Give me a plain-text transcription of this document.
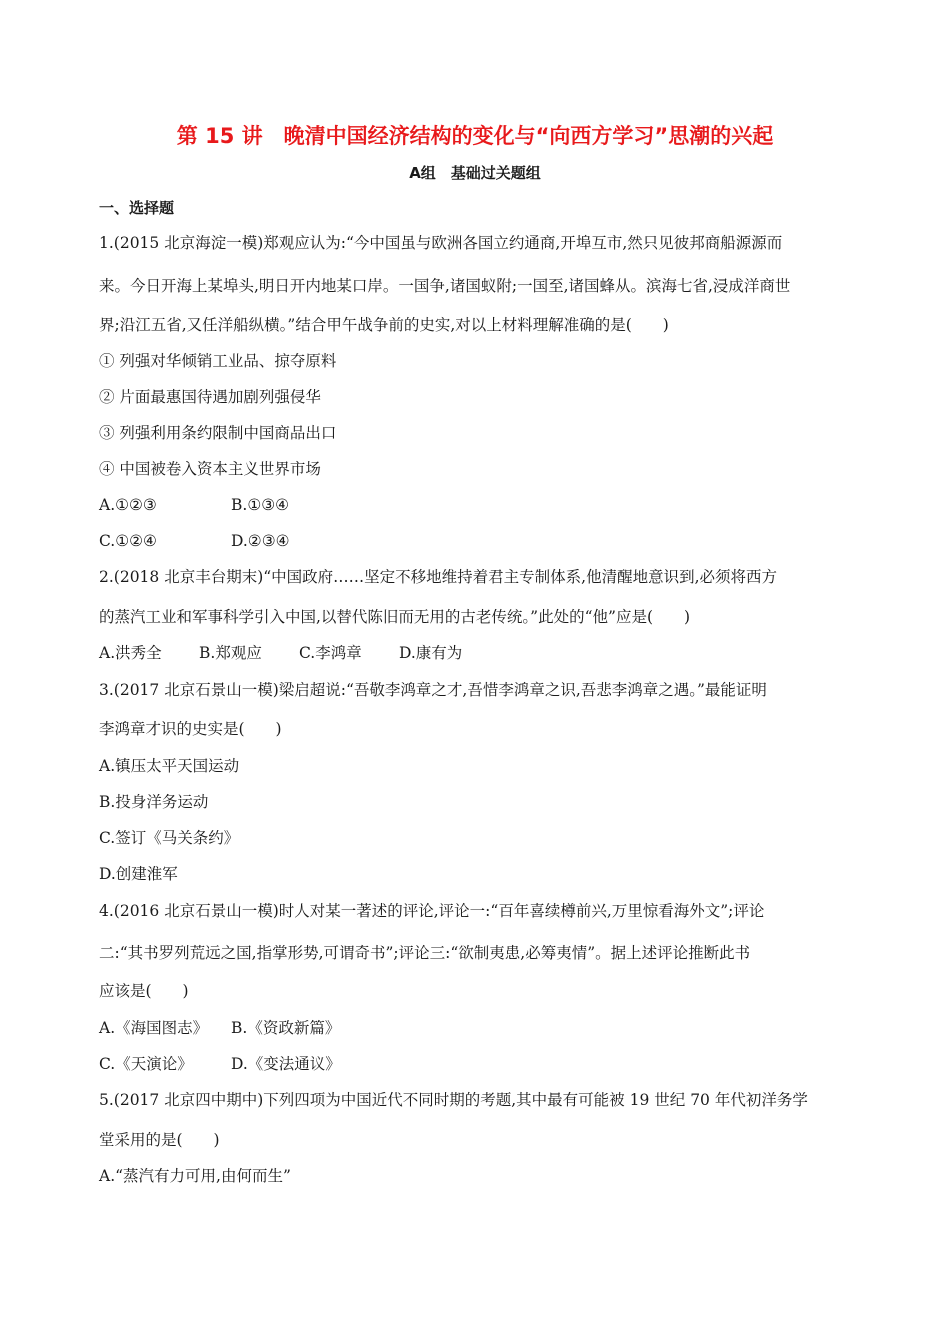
第 15 讲　晚清中国经济结构的变化与“向西方学习”思潮的兴起
A组　基础过关题组
一、选择题
1.(2015 北京海淀一模)郑观应认为:“今中国虽与欧洲各国立约通商,开埠互市,然只见彼邦商船源源而
来。今日开海上某埠头,明日开内地某口岸。一国争,诸国蚁附;一国至,诸国蜂从。滨海七省,浸成洋商世
界;沿江五省,又任洋船纵横。”结合甲午战争前的史实,对以上材料理解准确的是(　　)
① 列强对华倾销工业品、掠夺原料
② 片面最惠国待遇加剧列强侵华
③ 列强利用条约限制中国商品出口
④ 中国被卷入资本主义世界市场
A.①②③	B.①③④
C.①②④	D.②③④
2.(2018 北京丰台期末)“中国政府……坚定不移地维持着君主专制体系,他清醒地意识到,必须将西方
的蒸汽工业和军事科学引入中国,以替代陈旧而无用的古老传统。”此处的“他”应是(　　)
A.洪秀全 B.郑观应 C.李鸿章 D.康有为
3.(2017 北京石景山一模)梁启超说:“吾敬李鸿章之才,吾惜李鸿章之识,吾悲李鸿章之遇。”最能证明
李鸿章才识的史实是(　　)
A.镇压太平天国运动
B.投身洋务运动
C.签订《马关条约》
D.创建淮军
4.(2016 北京石景山一模)时人对某一著述的评论,评论一:“百年喜续樽前兴,万里惊看海外文”;评论
二:“其书罗列荒远之国,指掌形势,可谓奇书”;评论三:“欲制夷患,必筹夷情”。据上述评论推断此书
应该是(　　)
A.《海国图志》 B.《资政新篇》
C.《天演论》 D.《变法通议》
5.(2017 北京四中期中)下列四项为中国近代不同时期的考题,其中最有可能被 19 世纪 70 年代初洋务学
堂采用的是(　　)
A.“蒸汽有力可用,由何而生”
